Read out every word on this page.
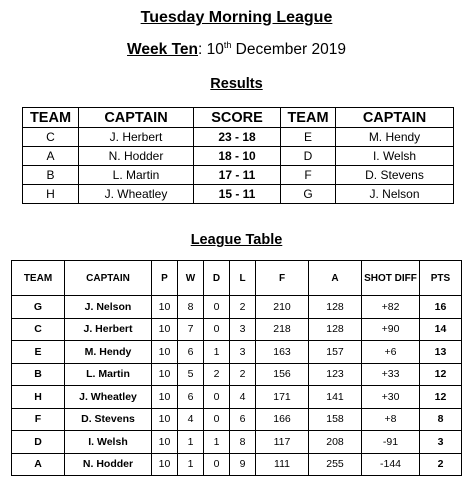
Tuesday Morning League
Week Ten: 10th December 2019
Results
TEAM	CAPTAIN	SCORE	TEAM	CAPTAIN
C	J. Herbert	23 - 18	E	M. Hendy
A	N. Hodder	18 - 10	D	I. Welsh
B	L. Martin	17 - 11	F	D. Stevens
H	J. Wheatley	15 - 11	G	J. Nelson
League Table
TEAM	CAPTAIN	P	W	D	L	F	A	SHOT DIFF	PTS
G	J. Nelson	10	8	0	2	210	128	+82	16
C	J. Herbert	10	7	0	3	218	128	+90	14
E	M. Hendy	10	6	1	3	163	157	+6	13
B	L. Martin	10	5	2	2	156	123	+33	12
H	J. Wheatley	10	6	0	4	171	141	+30	12
F	D. Stevens	10	4	0	6	166	158	+8	8
D	I. Welsh	10	1	1	8	117	208	-91	3
A	N. Hodder	10	1	0	9	111	255	-144	2
